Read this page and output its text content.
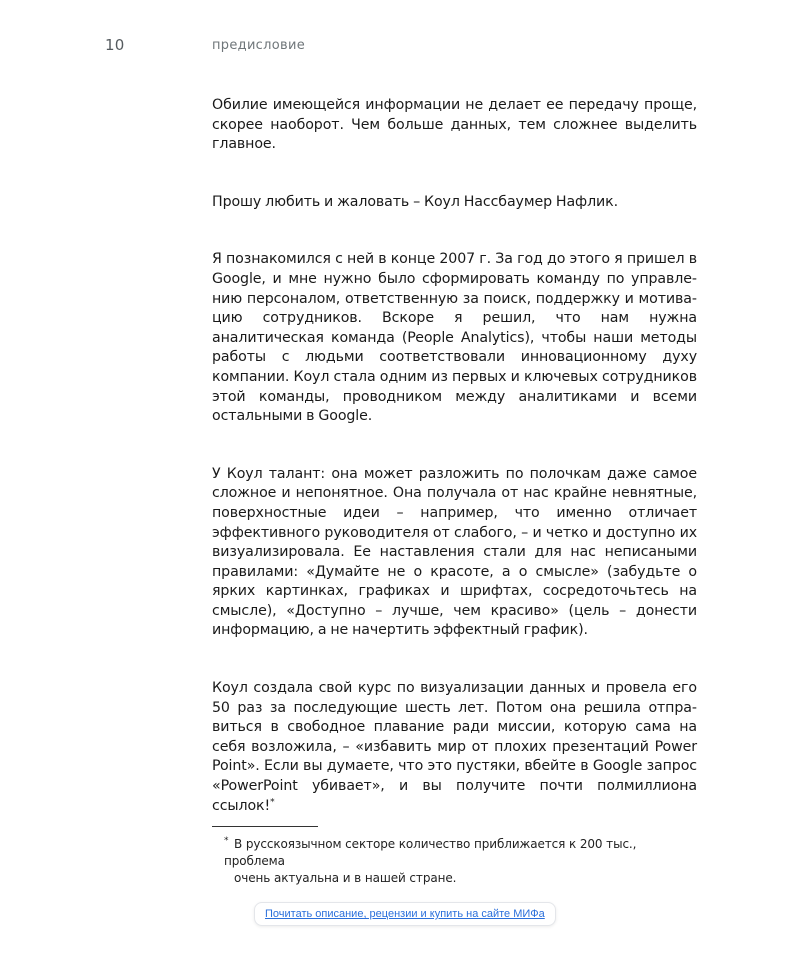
10	предисловие

Обилие имеющейся информации не делает ее передачу проще, скорее наоборот. Чем больше данных, тем сложнее выделить главное.

Прошу любить и жаловать – Коул Нассбаумер Нафлик.

Я познакомился с ней в конце 2007 г. За год до этого я пришел в Google, и мне нужно было сформировать команду по управлению персоналом, ответственную за поиск, поддержку и мотивацию сотрудников. Вскоре я решил, что нам нужна аналитическая команда (People Analytics), чтобы наши методы работы с людьми соответствовали инновационному духу компании. Коул стала одним из первых и ключевых сотрудников этой команды, проводником между аналитиками и всеми остальными в Google.

У Коул талант: она может разложить по полочкам даже самое сложное и непонятное. Она получала от нас крайне невнятные, поверхностные идеи – например, что именно отличает эффективного руководителя от слабого, – и четко и доступно их визуализировала. Ее наставления стали для нас неписаными правилами: «Думайте не о красоте, а о смысле» (забудьте о ярких картинках, графиках и шрифтах, сосредоточьтесь на смысле), «Доступно – лучше, чем красиво» (цель – донести информацию, а не начертить эффектный график).

Коул создала свой курс по визуализации данных и провела его 50 раз за последующие шесть лет. Потом она решила отправиться в свободное плавание ради миссии, которую сама на себя возложила, – «избавить мир от плохих презентаций Power Point». Если вы думаете, что это пустяки, вбейте в Google запрос «PowerPoint убивает», и вы получите почти полмиллиона ссылок!*

* В русскоязычном секторе количество приближается к 200 тыс., проблема
очень актуальна и в нашей стране.
Почитать описание, рецензии и купить на сайте МИФа
